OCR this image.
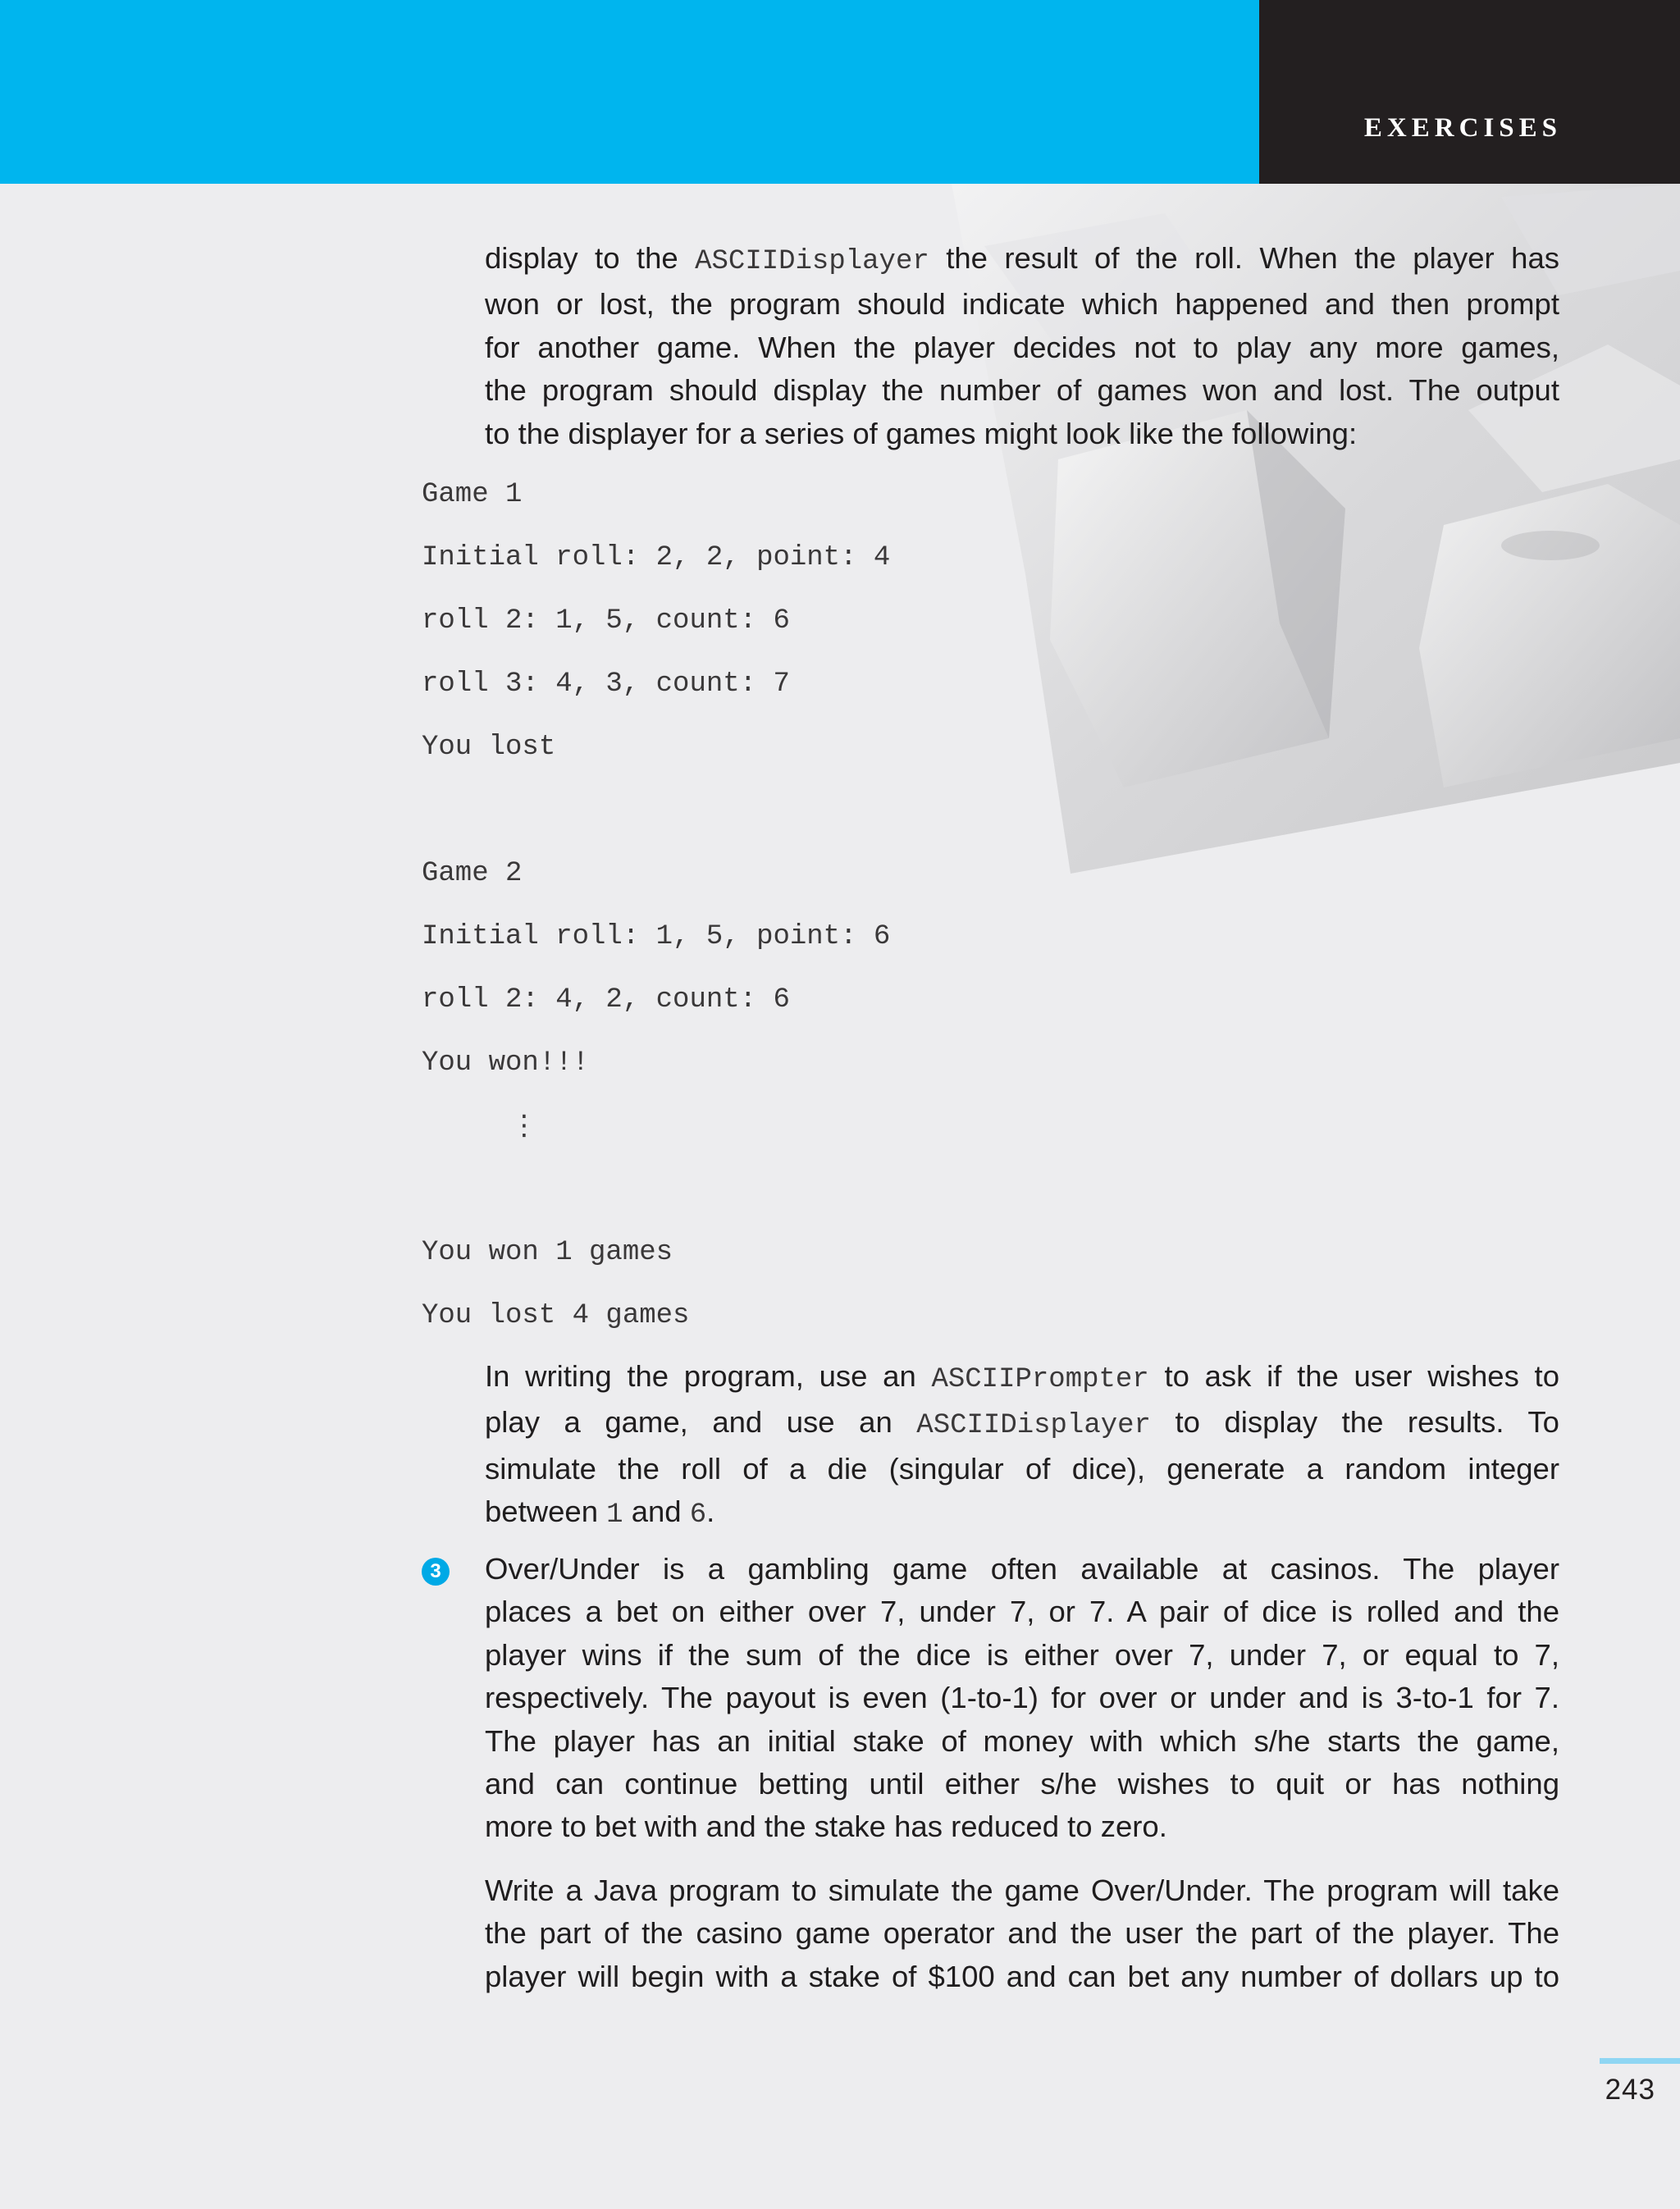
EXERCISES
display to the ASCIIDisplayer the result of the roll. When the player has
won or lost, the program should indicate which happened and then prompt
for another game. When the player decides not to play any more games,
the program should display the number of games won and lost. The output
to the displayer for a series of games might look like the following:
Game 1
Initial roll: 2, 2, point: 4
roll 2: 1, 5, count: 6
roll 3: 4, 3, count: 7
You lost
Game 2
Initial roll: 1, 5, point: 6
roll 2: 4, 2, count: 6
You won!!!
⋮
You won 1 games
You lost 4 games
In writing the program, use an ASCIIPrompter to ask if the user wishes to
play a game, and use an ASCIIDisplayer to display the results. To
simulate the roll of a die (singular of dice), generate a random integer
between 1 and 6.
3 Over/Under is a gambling game often available at casinos. The player
places a bet on either over 7, under 7, or 7. A pair of dice is rolled and the
player wins if the sum of the dice is either over 7, under 7, or equal to 7,
respectively. The payout is even (1-to-1) for over or under and is 3-to-1 for 7.
The player has an initial stake of money with which s/he starts the game,
and can continue betting until either s/he wishes to quit or has nothing
more to bet with and the stake has reduced to zero.
Write a Java program to simulate the game Over/Under. The program will take
the part of the casino game operator and the user the part of the player. The
player will begin with a stake of $100 and can bet any number of dollars up to
243
